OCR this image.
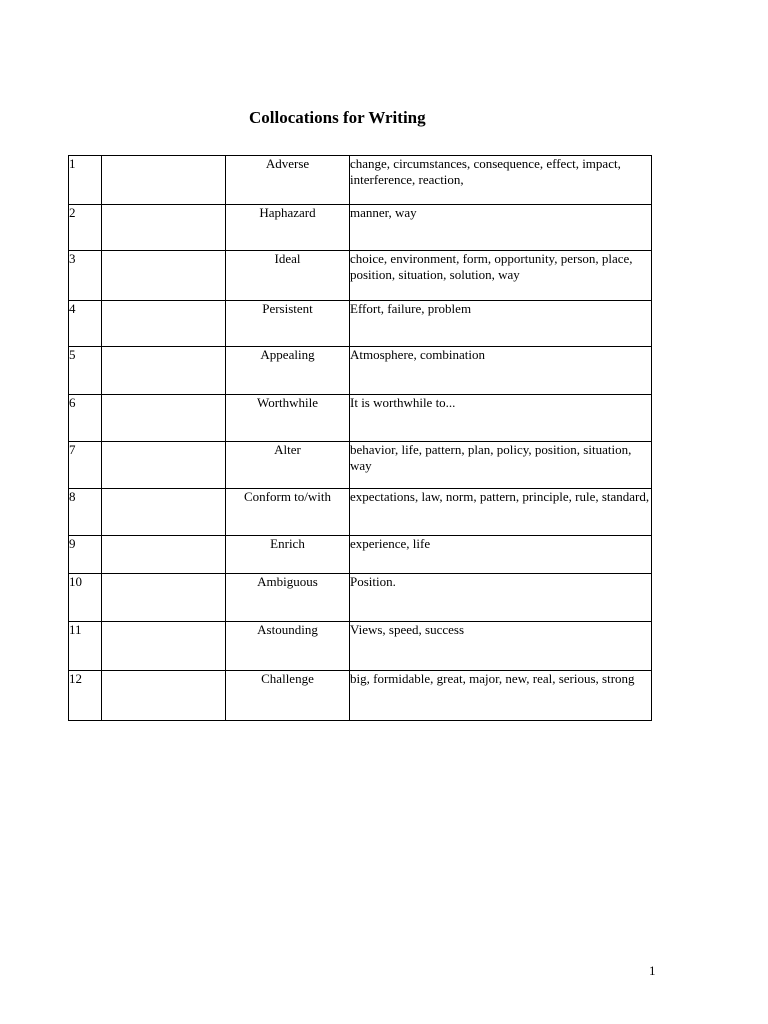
Collocations for Writing
1		Adverse	change, circumstances, consequence, effect, impact, interference, reaction,
2		Haphazard	manner, way
3		Ideal	choice, environment, form, opportunity, person, place, position, situation, solution, way
4		Persistent	Effort, failure, problem
5		Appealing	Atmosphere, combination
6		Worthwhile	It is worthwhile to...
7		Alter	behavior, life, pattern, plan, policy, position, situation, way
8		Conform to/with	expectations, law, norm, pattern, principle, rule, standard,
9		Enrich	experience, life
10		Ambiguous	Position.
11		Astounding	Views, speed, success
12		Challenge	big, formidable, great, major, new, real, serious, strong
1
